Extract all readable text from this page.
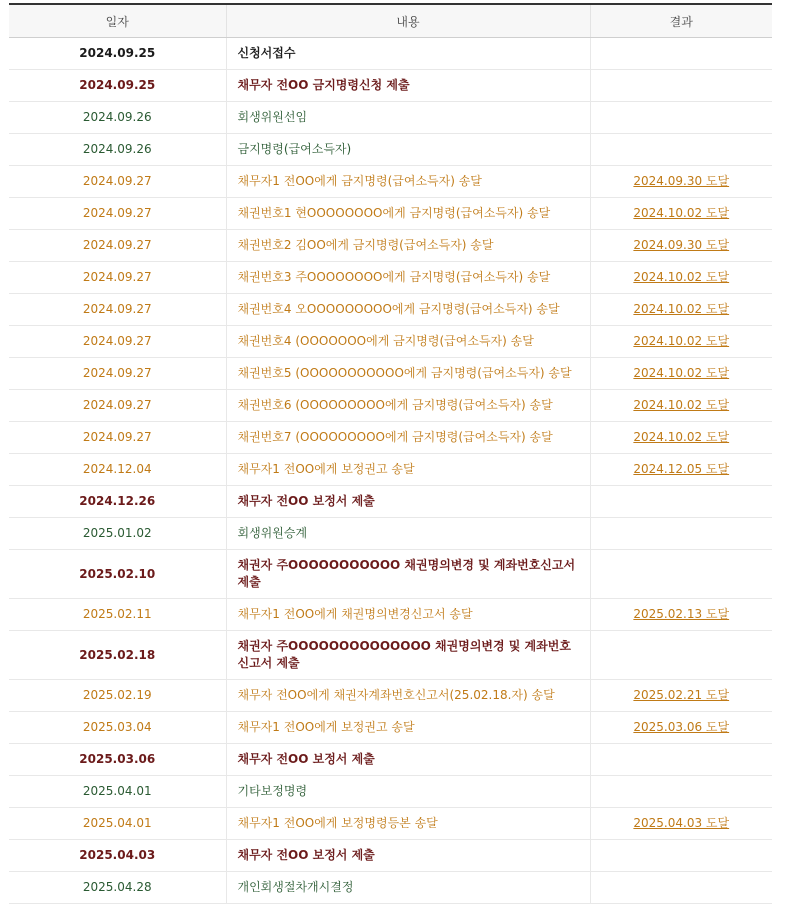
일자	내용	결과
2024.09.25	신청서접수	
2024.09.25	채무자 전OO 금지명령신청 제출	
2024.09.26	회생위원선임	
2024.09.26	금지명령(급여소득자)	
2024.09.27	채무자1 전OO에게 금지명령(급여소득자) 송달	2024.09.30 도달
2024.09.27	채권번호1 현OOOOOOOO에게 금지명령(급여소득자) 송달	2024.10.02 도달
2024.09.27	채권번호2 김OO에게 금지명령(급여소득자) 송달	2024.09.30 도달
2024.09.27	채권번호3 주OOOOOOOO에게 금지명령(급여소득자) 송달	2024.10.02 도달
2024.09.27	채권번호4 오OOOOOOOOO에게 금지명령(급여소득자) 송달	2024.10.02 도달
2024.09.27	채권번호4 (OOOOOOO에게 금지명령(급여소득자) 송달	2024.10.02 도달
2024.09.27	채권번호5 (OOOOOOOOOOO에게 금지명령(급여소득자) 송달	2024.10.02 도달
2024.09.27	채권번호6 (OOOOOOOOO에게 금지명령(급여소득자) 송달	2024.10.02 도달
2024.09.27	채권번호7 (OOOOOOOOO에게 금지명령(급여소득자) 송달	2024.10.02 도달
2024.12.04	채무자1 전OO에게 보정권고 송달	2024.12.05 도달
2024.12.26	채무자 전OO 보정서 제출	
2025.01.02	회생위원승계	
2025.02.10	채권자 주OOOOOOOOOOO 채권명의변경 및 계좌번호신고서 제출	
2025.02.11	채무자1 전OO에게 채권명의변경신고서 송달	2025.02.13 도달
2025.02.18	채권자 주OOOOOOOOOOOOOO 채권명의변경 및 계좌번호신고서 제출	
2025.02.19	채무자 전OO에게 채권자계좌번호신고서(25.02.18.자) 송달	2025.02.21 도달
2025.03.04	채무자1 전OO에게 보정권고 송달	2025.03.06 도달
2025.03.06	채무자 전OO 보정서 제출	
2025.04.01	기타보정명령	
2025.04.01	채무자1 전OO에게 보정명령등본 송달	2025.04.03 도달
2025.04.03	채무자 전OO 보정서 제출	
2025.04.28	개인회생절차개시결정	
